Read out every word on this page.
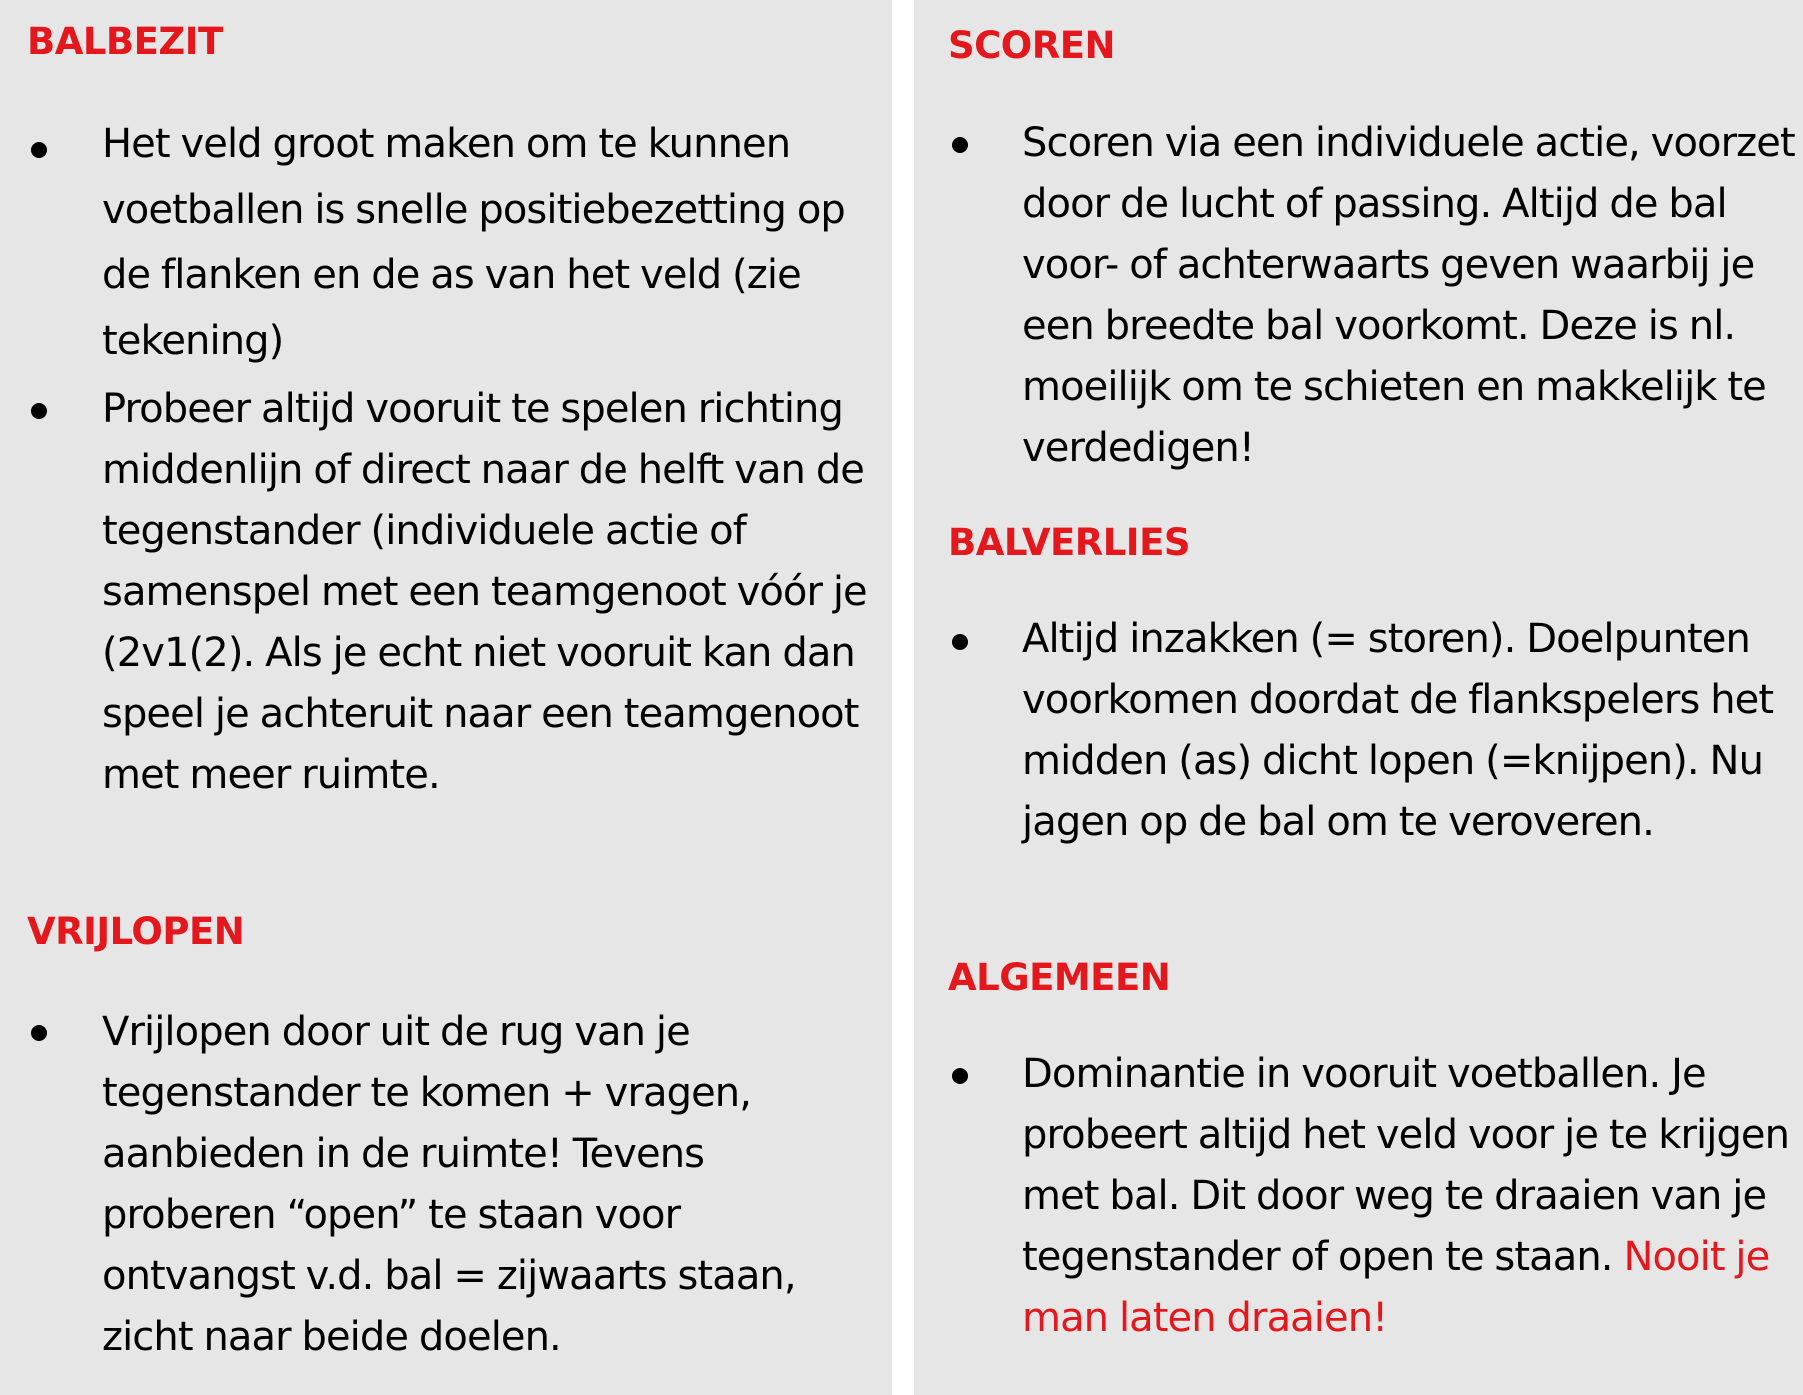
BALBEZIT

Het veld groot maken om te kunnen voetballen is snelle positiebezetting op de flanken en de as van het veld (zie tekening)

Probeer altijd vooruit te spelen richting middenlijn of direct naar de helft van de tegenstander (individuele actie of samenspel met een teamgenoot vóór je (2v1(2). Als je echt niet vooruit kan dan speel je achteruit naar een teamgenoot met meer ruimte.

VRIJLOPEN

Vrijlopen door uit de rug van je tegenstander te komen + vragen, aanbieden in de ruimte! Tevens proberen “open” te staan voor ontvangst v.d. bal = zijwaarts staan, zicht naar beide doelen.

SCOREN

Scoren via een individuele actie, voorzet door de lucht of passing. Altijd de bal voor- of achterwaarts geven waarbij je een breedte bal voorkomt. Deze is nl. moeilijk om te schieten en makkelijk te verdedigen!

BALVERLIES

Altijd inzakken (= storen). Doelpunten voorkomen doordat de flankspelers het midden (as) dicht lopen (=knijpen). Nu jagen op de bal om te veroveren.

ALGEMEEN

Dominantie in vooruit voetballen. Je probeert altijd het veld voor je te krijgen met bal. Dit door weg te draaien van je tegenstander of open te staan. Nooit je man laten draaien!
